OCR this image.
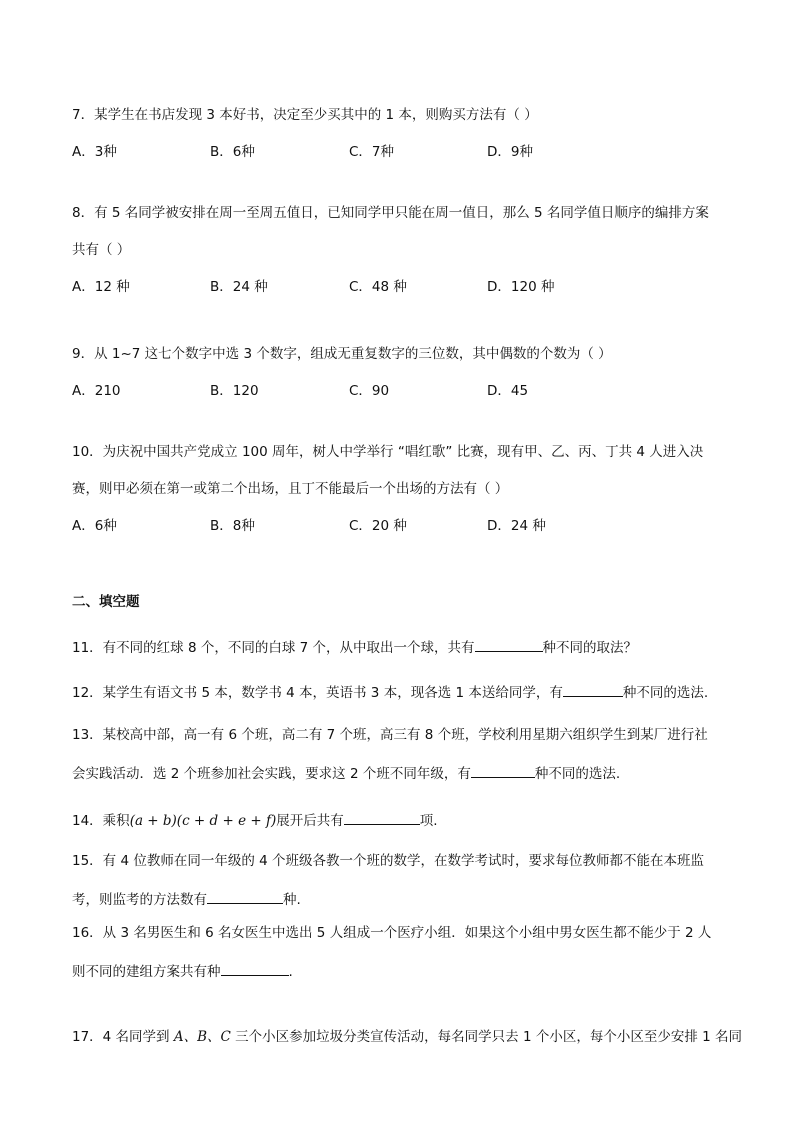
7．某学生在书店发现 3 本好书，决定至少买其中的 1 本，则购买方法有（ ）
A．3种	B．6种	C．7种	D．9种
8．有 5 名同学被安排在周一至周五值日，已知同学甲只能在周一值日，那么 5 名同学值日顺序的编排方案
共有（ ）
A．12 种	B．24 种	C．48 种	D．120 种
9．从 1~7 这七个数字中选 3 个数字，组成无重复数字的三位数，其中偶数的个数为（ ）
A．210	B．120	C．90	D．45
10．为庆祝中国共产党成立 100 周年，树人中学举行 “唱红歌” 比赛，现有甲、乙、丙、丁共 4 人进入决
赛，则甲必须在第一或第二个出场，且丁不能最后一个出场的方法有（ ）
A．6种	B．8种	C．20 种	D．24 种
二、填空题
11．有不同的红球 8 个，不同的白球 7 个，从中取出一个球，共有	种不同的取法？
12．某学生有语文书 5 本，数学书 4 本，英语书 3 本，现各选 1 本送给同学，有	种不同的选法.
13．某校高中部，高一有 6 个班，高二有 7 个班，高三有 8 个班，学校利用星期六组织学生到某厂进行社
会实践活动．选 2 个班参加社会实践，要求这 2 个班不同年级，有	种不同的选法.
14．乘积(a + b)(c + d + e + f)展开后共有	项.
15．有 4 位教师在同一年级的 4 个班级各教一个班的数学，在数学考试时，要求每位教师都不能在本班监
考，则监考的方法数有	种.
16．从 3 名男医生和 6 名女医生中选出 5 人组成一个医疗小组．如果这个小组中男女医生都不能少于 2 人
则不同的建组方案共有种	.
17．4 名同学到 A、B、C 三个小区参加垃圾分类宣传活动，每名同学只去 1 个小区，每个小区至少安排 1 名同
